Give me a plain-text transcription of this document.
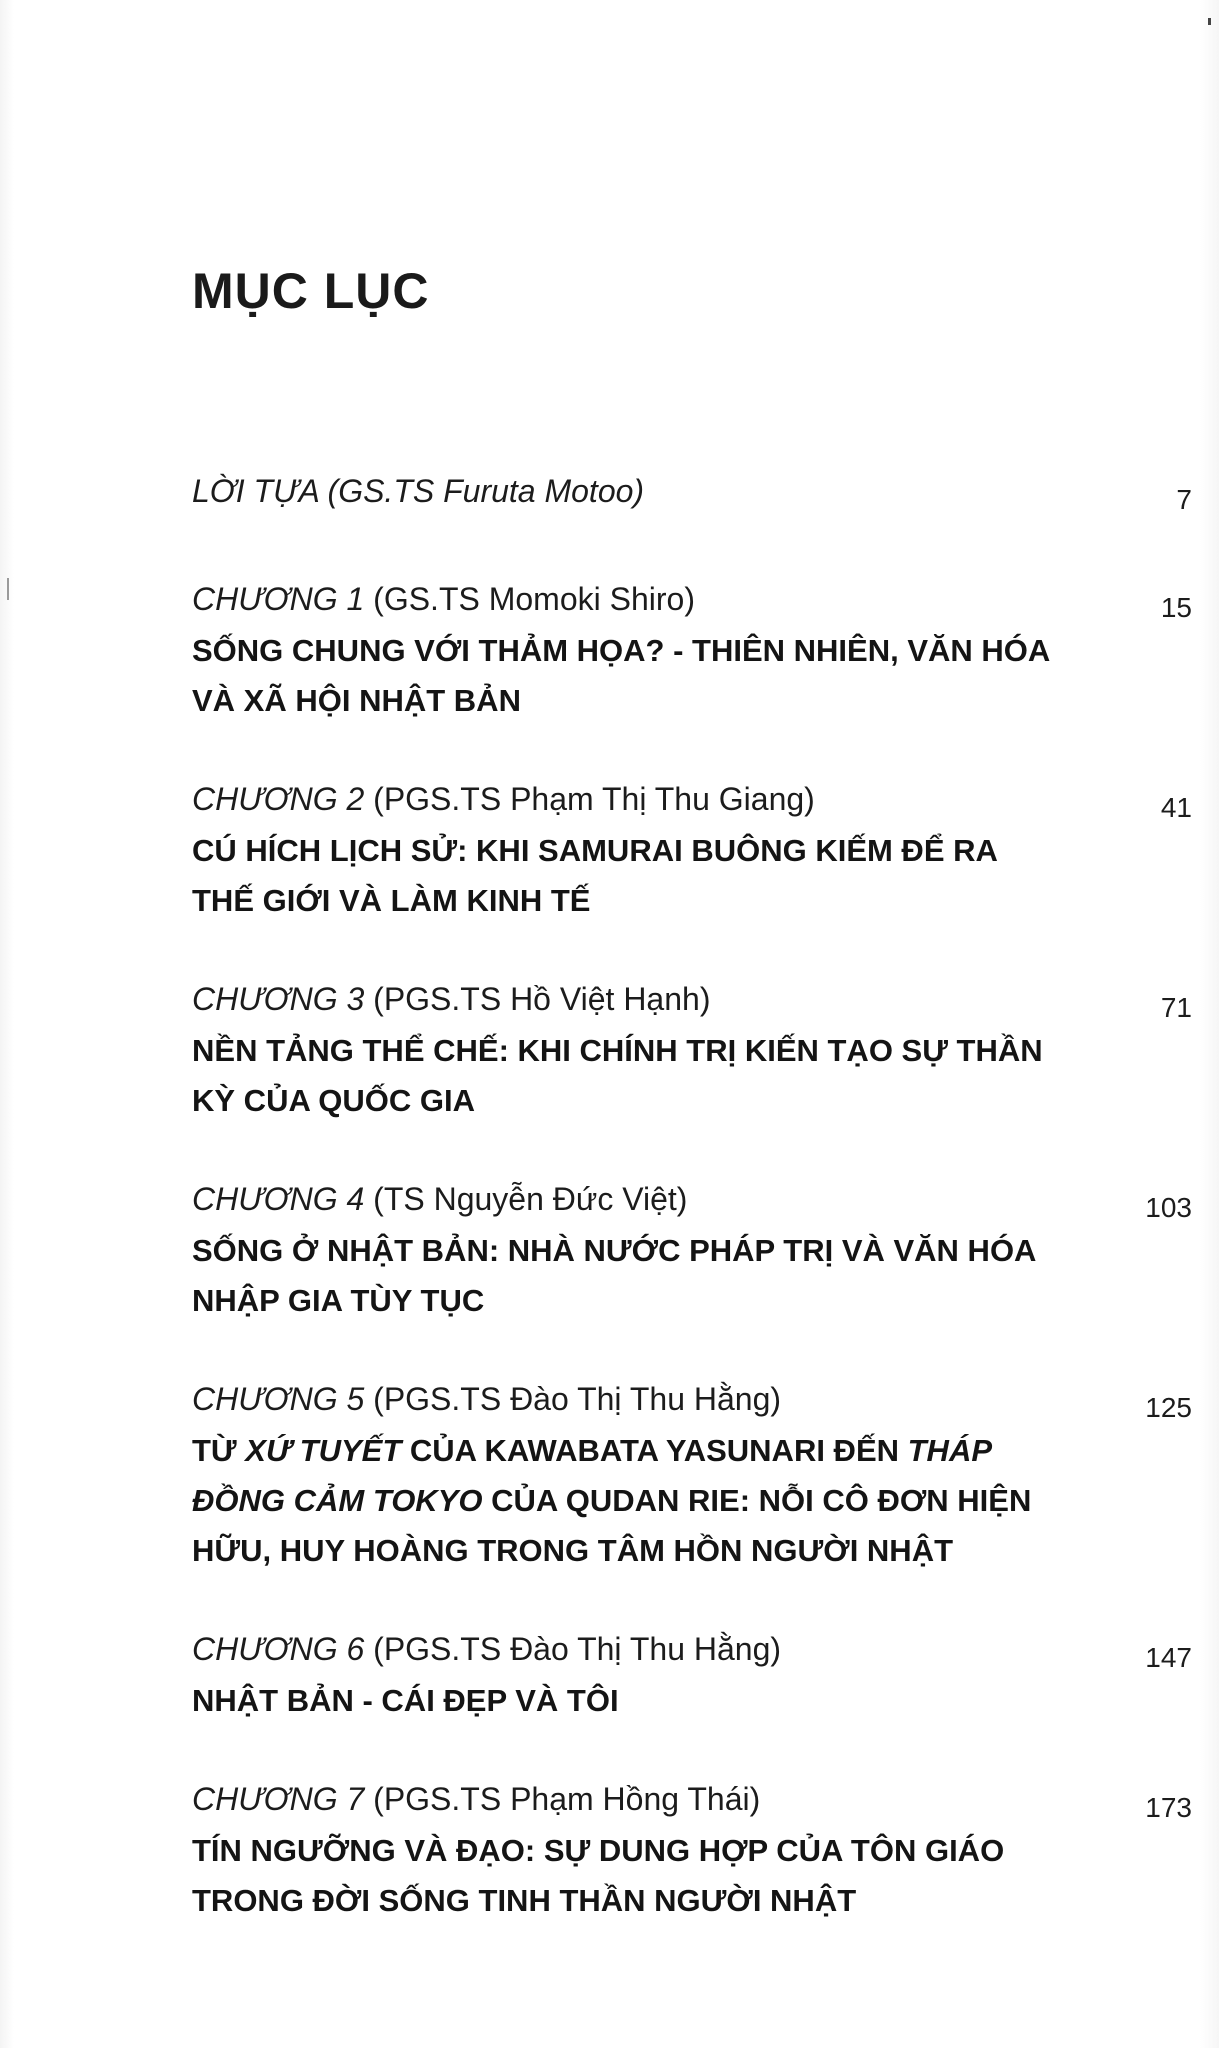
MỤC LỤC
LỜI TỰA (GS.TS Furuta Motoo)	7
CHƯƠNG 1 (GS.TS Momoki Shiro)	15
SỐNG CHUNG VỚI THẢM HỌA? - THIÊN NHIÊN, VĂN HÓA VÀ XÃ HỘI NHẬT BẢN
CHƯƠNG 2 (PGS.TS Phạm Thị Thu Giang)	41
CÚ HÍCH LỊCH SỬ: KHI SAMURAI BUÔNG KIẾM ĐỂ RA THẾ GIỚI VÀ LÀM KINH TẾ
CHƯƠNG 3 (PGS.TS Hồ Việt Hạnh)	71
NỀN TẢNG THỂ CHẾ: KHI CHÍNH TRỊ KIẾN TẠO SỰ THẦN KỲ CỦA QUỐC GIA
CHƯƠNG 4 (TS Nguyễn Đức Việt)	103
SỐNG Ở NHẬT BẢN: NHÀ NƯỚC PHÁP TRỊ VÀ VĂN HÓA NHẬP GIA TÙY TỤC
CHƯƠNG 5 (PGS.TS Đào Thị Thu Hằng)	125
TỪ XỨ TUYẾT CỦA KAWABATA YASUNARI ĐẾN THÁP ĐỒNG CẢM TOKYO CỦA QUDAN RIE: NỖI CÔ ĐƠN HIỆN HỮU, HUY HOÀNG TRONG TÂM HỒN NGƯỜI NHẬT
CHƯƠNG 6 (PGS.TS Đào Thị Thu Hằng)	147
NHẬT BẢN - CÁI ĐẸP VÀ TÔI
CHƯƠNG 7 (PGS.TS Phạm Hồng Thái)	173
TÍN NGƯỠNG VÀ ĐẠO: SỰ DUNG HỢP CỦA TÔN GIÁO TRONG ĐỜI SỐNG TINH THẦN NGƯỜI NHẬT
